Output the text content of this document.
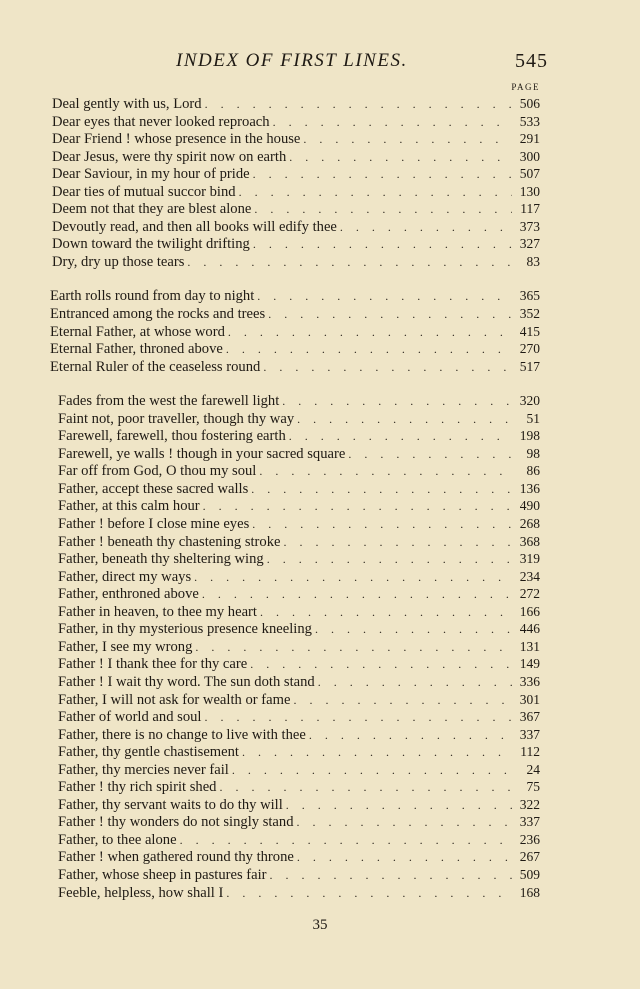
INDEX OF FIRST LINES.	545
PAGE
Deal gently with us, Lord . . .	506
Dear eyes that never looked reproach . . .	533
Dear Friend ! whose presence in the house . . .	291
Dear Jesus, were thy spirit now on earth . . .	300
Dear Saviour, in my hour of pride . . .	507
Dear ties of mutual succor bind . . .	130
Deem not that they are blest alone . . .	117
Devoutly read, and then all books will edify thee . . .	373
Down toward the twilight drifting . . .	327
Dry, dry up those tears . . .	83
Earth rolls round from day to night . . .	365
Entranced among the rocks and trees . . .	352
Eternal Father, at whose word . . .	415
Eternal Father, throned above . . .	270
Eternal Ruler of the ceaseless round . . .	517
Fades from the west the farewell light . . .	320
Faint not, poor traveller, though thy way . . .	51
Farewell, farewell, thou fostering earth . . .	198
Farewell, ye walls ! though in your sacred square . . .	98
Far off from God, O thou my soul . . .	86
Father, accept these sacred walls . . .	136
Father, at this calm hour . . .	490
Father ! before I close mine eyes . . .	268
Father ! beneath thy chastening stroke . . .	368
Father, beneath thy sheltering wing . . .	319
Father, direct my ways . . .	234
Father, enthroned above . . .	272
Father in heaven, to thee my heart . . .	166
Father, in thy mysterious presence kneeling . . .	446
Father, I see my wrong . . .	131
Father ! I thank thee for thy care . . .	149
Father ! I wait thy word. The sun doth stand . . .	336
Father, I will not ask for wealth or fame . . .	301
Father of world and soul . . .	367
Father, there is no change to live with thee . . .	337
Father, thy gentle chastisement . . .	112
Father, thy mercies never fail . . .	24
Father ! thy rich spirit shed . . .	75
Father, thy servant waits to do thy will . . .	322
Father ! thy wonders do not singly stand . . .	337
Father, to thee alone . . .	236
Father ! when gathered round thy throne . . .	267
Father, whose sheep in pastures fair . . .	509
Feeble, helpless, how shall I . . .	168
35
